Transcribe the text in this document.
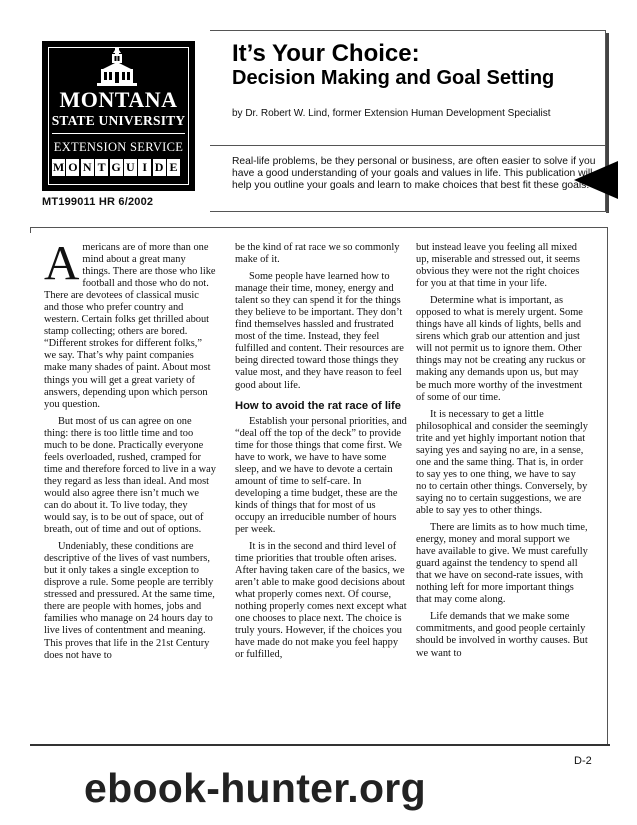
MONTANA
STATE UNIVERSITY
EXTENSION SERVICE
M O N T G U I D E
MT199011 HR 6/2002
It’s Your Choice:
Decision Making and Goal Setting
by Dr. Robert W. Lind, former Extension Human Development Specialist
Real-life problems, be they personal or business, are often easier to solve if you have a good understanding of your goals and values in life. This publication will help you outline your goals and learn to make choices that best fit these goals.

Americans are of more than one mind about a great many things. There are those who like football and those who do not. There are devotees of classical music and those who prefer country and western. Certain folks get thrilled about stamp collecting; others are bored. “Different strokes for different folks,” we say. That’s why paint companies make many shades of paint. About most things you will get a great variety of answers, depending upon which person you question.

But most of us can agree on one thing: there is too little time and too much to be done. Practically everyone feels overloaded, rushed, cramped for time and therefore forced to live in a way they regard as less than ideal. And most would also agree there isn’t much we can do about it. To live today, they would say, is to be out of space, out of breath, out of time and out of options.

Undeniably, these conditions are descriptive of the lives of vast numbers, but it only takes a single exception to disprove a rule. Some people are terribly stressed and pressured. At the same time, there are people with homes, jobs and families who manage on 24 hours day to live lives of contentment and meaning. This proves that life in the 21st Century does not have to

be the kind of rat race we so commonly make of it.

Some people have learned how to manage their time, money, energy and talent so they can spend it for the things they believe to be important. They don’t find themselves hassled and frustrated most of the time. Instead, they feel fulfilled and content. Their resources are being directed toward those things they value most, and they have reason to feel good about life.

How to avoid the rat race of life

Establish your personal priorities, and “deal off the top of the deck” to provide time for those things that come first. We have to work, we have to have some sleep, and we have to devote a certain amount of time to self-care. In developing a time budget, these are the kinds of things that for most of us occupy an irreducible number of hours per week.

It is in the second and third level of time priorities that trouble often arises. After having taken care of the basics, we aren’t able to make good decisions about what properly comes next. Of course, nothing properly comes next except what one chooses to place next. The choice is truly yours. However, if the choices you have made do not make you feel happy or fulfilled,

but instead leave you feeling all mixed up, miserable and stressed out, it seems obvious they were not the right choices for you at that time in your life.

Determine what is important, as opposed to what is merely urgent. Some things have all kinds of lights, bells and sirens which grab our attention and just will not permit us to ignore them. Other things may not be creating any ruckus or making any demands upon us, but may be much more worthy of the investment of some of our time.

It is necessary to get a little philosophical and consider the seemingly trite and yet highly important notion that saying yes and saying no are, in a sense, one and the same thing. That is, in order to say yes to one thing, we have to say no to certain other things. Conversely, by saying no to certain suggestions, we are able to say yes to other things.

There are limits as to how much time, energy, money and moral support we have available to give. We must carefully guard against the tendency to spend all that we have on second-rate issues, with nothing left for more important things that may come along.

Life demands that we make some commitments, and good people certainly should be involved in worthy causes. But we want to

D-2
ebook-hunter.org
